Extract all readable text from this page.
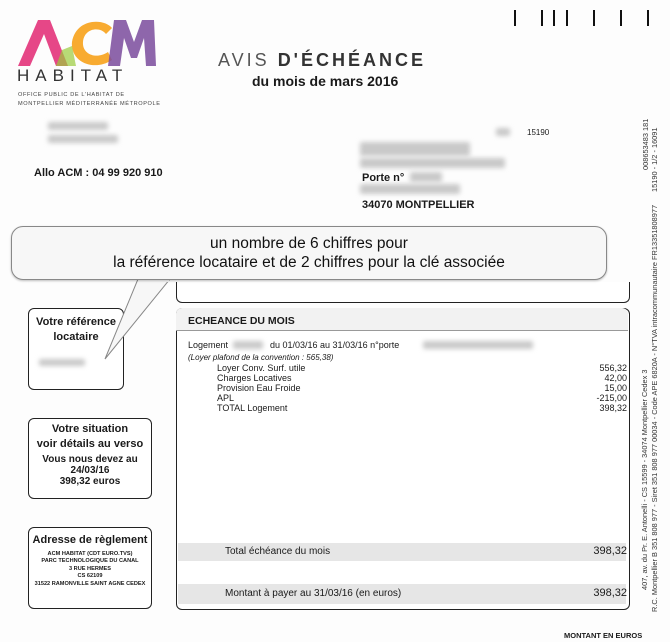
HABITAT
OFFICE PUBLIC DE L'HABITAT DE
MONTPELLIER MÉDITERRANÉE MÉTROPOLE
AVIS D'ÉCHÉANCE
du mois de mars 2016
15190
Porte n°
34070 MONTPELLIER
Allo ACM : 04 99 920 910
008653483 181 15190 - 1/2 - 16091
407, av. du Pr. E. Antonelli - CS 15599 - 34074 Montpellier Cedex 3 R.C. Montpellier B 351 808 977 - Siret 351 808 977 00034 - Code APE 6820A - N°TVA intracommunautaire FR13351808977
Votre référence
locataire
Votre situation
voir détails au verso
Vous nous devez au
24/03/16
398,32 euros
Adresse de règlement
ACM HABITAT (CDT EURO.TVS)
PARC TECHNOLOGIQUE DU CANAL
3 RUE HERMES
CS 62109
31522 RAMONVILLE SAINT AGNE CEDEX
ECHEANCE DU MOIS
Logement	du 01/03/16 au 31/03/16 n°porte
(Loyer plafond de la convention : 565,38)
Loyer Conv. Surf. utile	556,32
Charges Locatives	42,00
Provision Eau Froide	15,00
APL	-215,00
TOTAL Logement	398,32
Total échéance du mois	398,32
Montant à payer au 31/03/16 (en euros)	398,32
MONTANT EN EUROS
un nombre de 6 chiffres pour
la référence locataire et de 2 chiffres pour la clé associée
